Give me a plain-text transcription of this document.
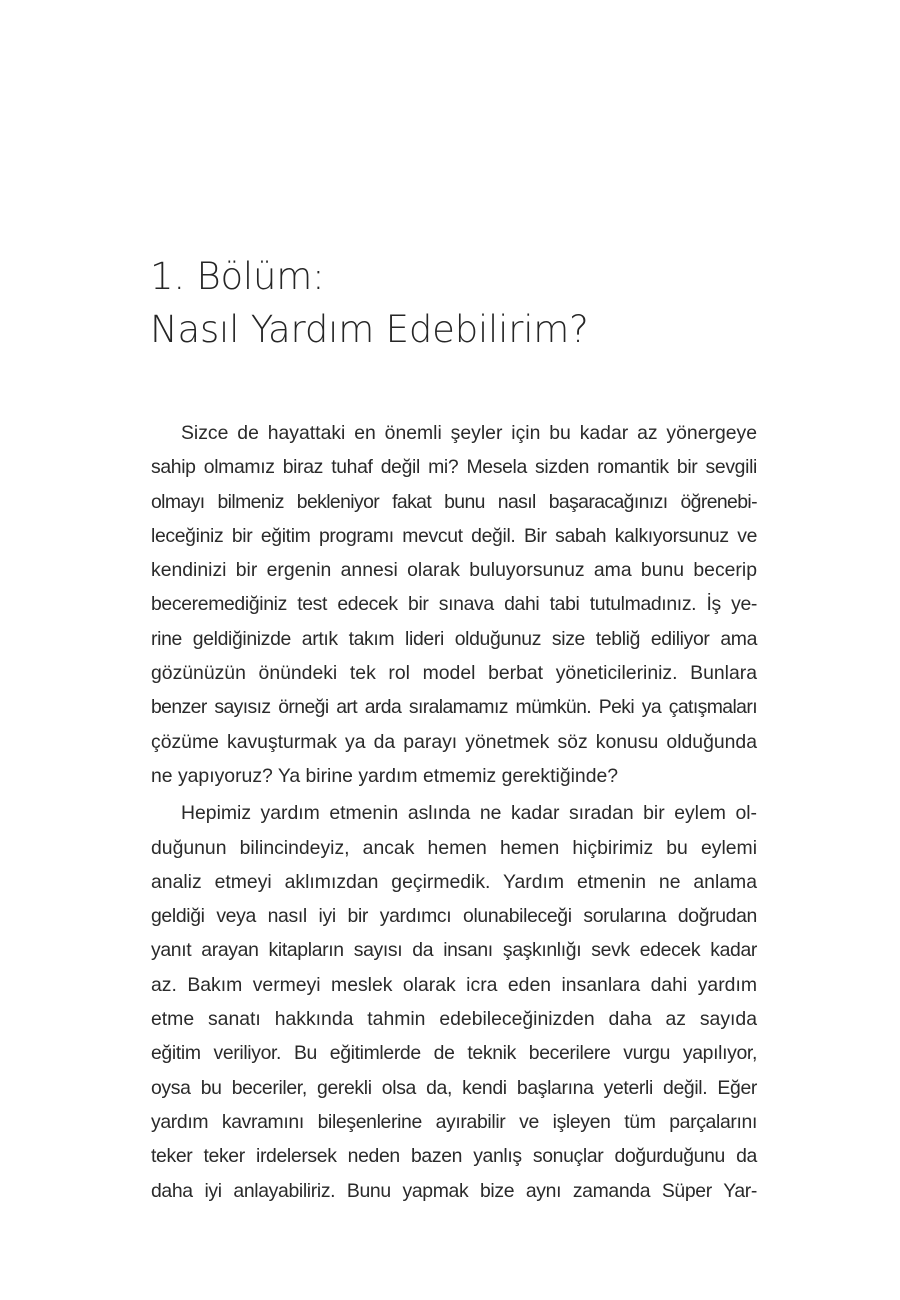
1. Bölüm:
Nasıl Yardım Edebilirim?

Sizce de hayattaki en önemli şeyler için bu kadar az yönergeye
sahip olmamız biraz tuhaf değil mi? Mesela sizden romantik bir sevgili
olmayı bilmeniz bekleniyor fakat bunu nasıl başaracağınızı öğrenebi-
leceğiniz bir eğitim programı mevcut değil. Bir sabah kalkıyorsunuz ve
kendinizi bir ergenin annesi olarak buluyorsunuz ama bunu becerip
beceremediğiniz test edecek bir sınava dahi tabi tutulmadınız. İş ye-
rine geldiğinizde artık takım lideri olduğunuz size tebliğ ediliyor ama
gözünüzün önündeki tek rol model berbat yöneticileriniz. Bunlara
benzer sayısız örneği art arda sıralamamız mümkün. Peki ya çatışmaları
çözüme kavuşturmak ya da parayı yönetmek söz konusu olduğunda
ne yapıyoruz? Ya birine yardım etmemiz gerektiğinde?

Hepimiz yardım etmenin aslında ne kadar sıradan bir eylem ol-
duğunun bilincindeyiz, ancak hemen hemen hiçbirimiz bu eylemi
analiz etmeyi aklımızdan geçirmedik. Yardım etmenin ne anlama
geldiği veya nasıl iyi bir yardımcı olunabileceği sorularına doğrudan
yanıt arayan kitapların sayısı da insanı şaşkınlığı sevk edecek kadar
az. Bakım vermeyi meslek olarak icra eden insanlara dahi yardım
etme sanatı hakkında tahmin edebileceğinizden daha az sayıda
eğitim veriliyor. Bu eğitimlerde de teknik becerilere vurgu yapılıyor,
oysa bu beceriler, gerekli olsa da, kendi başlarına yeterli değil. Eğer
yardım kavramını bileşenlerine ayırabilir ve işleyen tüm parçalarını
teker teker irdelersek neden bazen yanlış sonuçlar doğurduğunu da
daha iyi anlayabiliriz. Bunu yapmak bize aynı zamanda Süper Yar-
